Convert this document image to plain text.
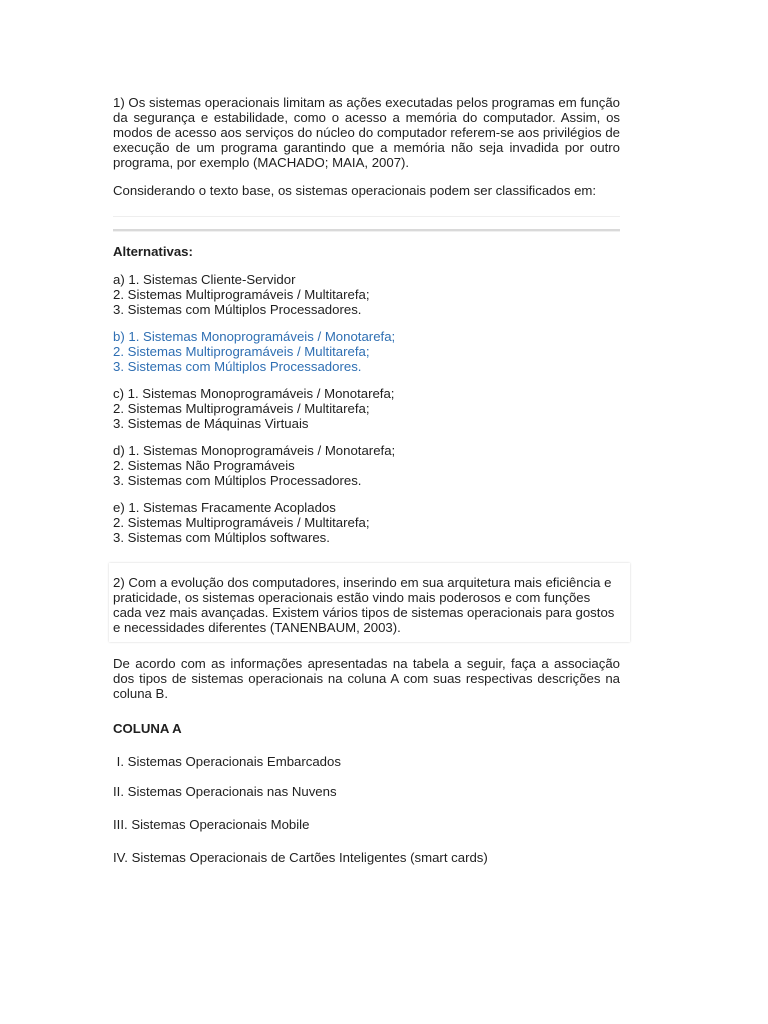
1) Os sistemas operacionais limitam as ações executadas pelos programas em função da segurança e estabilidade, como o acesso a memória do computador. Assim, os modos de acesso aos serviços do núcleo do computador referem-se aos privilégios de execução de um programa garantindo que a memória não seja invadida por outro programa, por exemplo (MACHADO; MAIA, 2007).

Considerando o texto base, os sistemas operacionais podem ser classificados em:

Alternativas:

a) 1. Sistemas Cliente-Servidor
2. Sistemas Multiprogramáveis / Multitarefa;
3. Sistemas com Múltiplos Processadores.
b) 1. Sistemas Monoprogramáveis / Monotarefa;
2. Sistemas Multiprogramáveis / Multitarefa;
3. Sistemas com Múltiplos Processadores.
c) 1. Sistemas Monoprogramáveis / Monotarefa;
2. Sistemas Multiprogramáveis / Multitarefa;
3. Sistemas de Máquinas Virtuais
d) 1. Sistemas Monoprogramáveis / Monotarefa;
2. Sistemas Não Programáveis
3. Sistemas com Múltiplos Processadores.
e) 1. Sistemas Fracamente Acoplados
2. Sistemas Multiprogramáveis / Multitarefa;
3. Sistemas com Múltiplos softwares.

2) Com a evolução dos computadores, inserindo em sua arquitetura mais eficiência e praticidade, os sistemas operacionais estão vindo mais poderosos e com funções cada vez mais avançadas. Existem vários tipos de sistemas operacionais para gostos e necessidades diferentes (TANENBAUM, 2003).

De acordo com as informações apresentadas na tabela a seguir, faça a associação dos tipos de sistemas operacionais na coluna A com suas respectivas descrições na coluna B.

COLUNA A

I. Sistemas Operacionais Embarcados

II. Sistemas Operacionais nas Nuvens

III. Sistemas Operacionais Mobile

IV. Sistemas Operacionais de Cartões Inteligentes (smart cards)
